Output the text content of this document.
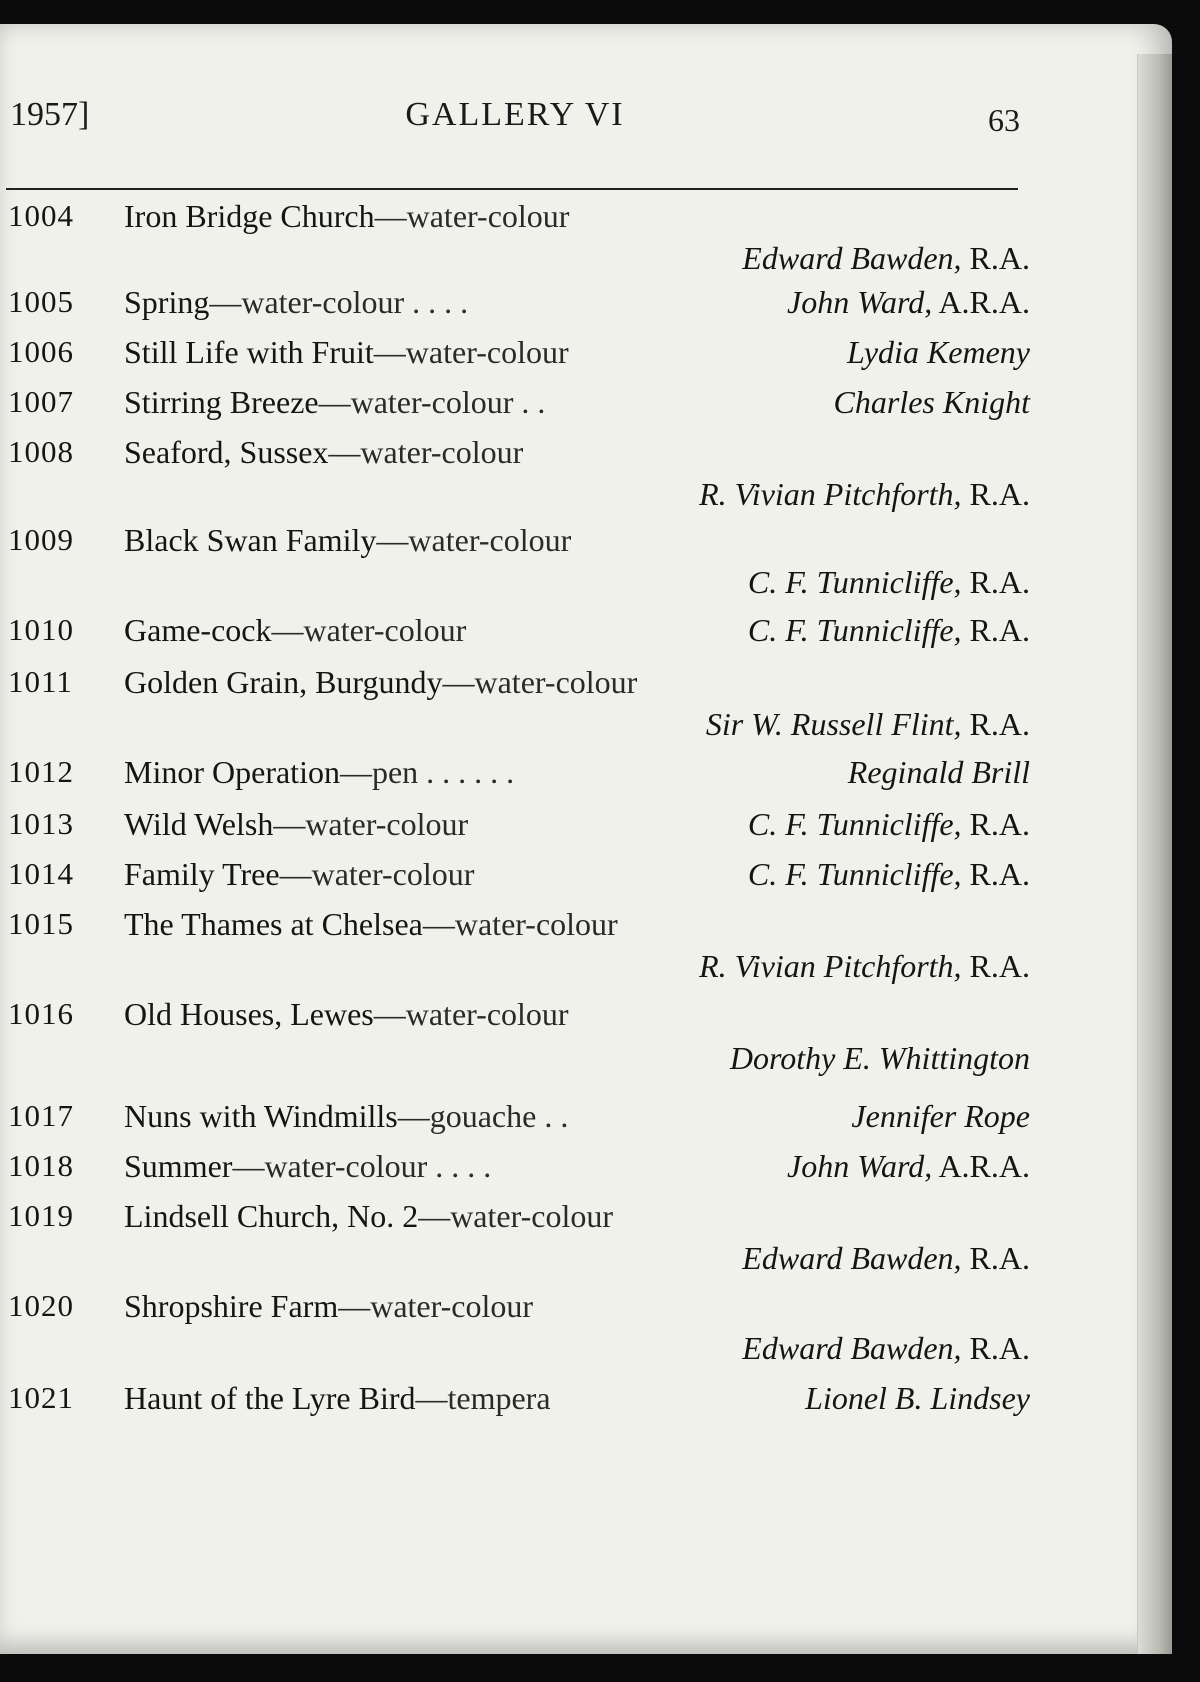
1957]	GALLERY VI	63
1004 Iron Bridge Church—water-colour
Edward Bawden, R.A.
1005 Spring—water-colour . . . .	John Ward, A.R.A.
1006 Still Life with Fruit—water-colour	Lydia Kemeny
1007 Stirring Breeze—water-colour . .	Charles Knight
1008 Seaford, Sussex—water-colour
R. Vivian Pitchforth, R.A.
1009 Black Swan Family—water-colour
C. F. Tunnicliffe, R.A.
1010 Game-cock—water-colour	C. F. Tunnicliffe, R.A.
1011 Golden Grain, Burgundy—water-colour
Sir W. Russell Flint, R.A.
1012 Minor Operation—pen . . . . . .	Reginald Brill
1013 Wild Welsh—water-colour	C. F. Tunnicliffe, R.A.
1014 Family Tree—water-colour	C. F. Tunnicliffe, R.A.
1015 The Thames at Chelsea—water-colour
R. Vivian Pitchforth, R.A.
1016 Old Houses, Lewes—water-colour
Dorothy E. Whittington
1017 Nuns with Windmills—gouache . .	Jennifer Rope
1018 Summer—water-colour . . . .	John Ward, A.R.A.
1019 Lindsell Church, No. 2—water-colour
Edward Bawden, R.A.
1020 Shropshire Farm—water-colour
Edward Bawden, R.A.
1021 Haunt of the Lyre Bird—tempera	Lionel B. Lindsey
